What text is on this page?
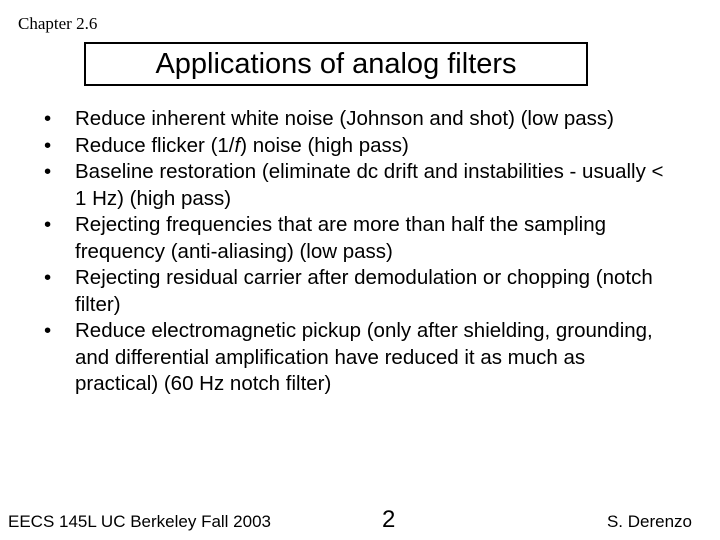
Chapter 2.6
Applications of analog filters
• Reduce inherent white noise (Johnson and shot) (low pass)
• Reduce flicker (1/f) noise (high pass)
• Baseline restoration (eliminate dc drift and instabilities - usually < 1 Hz) (high pass)
• Rejecting frequencies that are more than half the sampling frequency (anti-aliasing) (low pass)
• Rejecting residual carrier after demodulation or chopping (notch filter)
• Reduce electromagnetic pickup (only after shielding, grounding, and differential amplification have reduced it as much as practical) (60 Hz notch filter)
EECS 145L UC Berkeley Fall 2003	2	S. Derenzo
